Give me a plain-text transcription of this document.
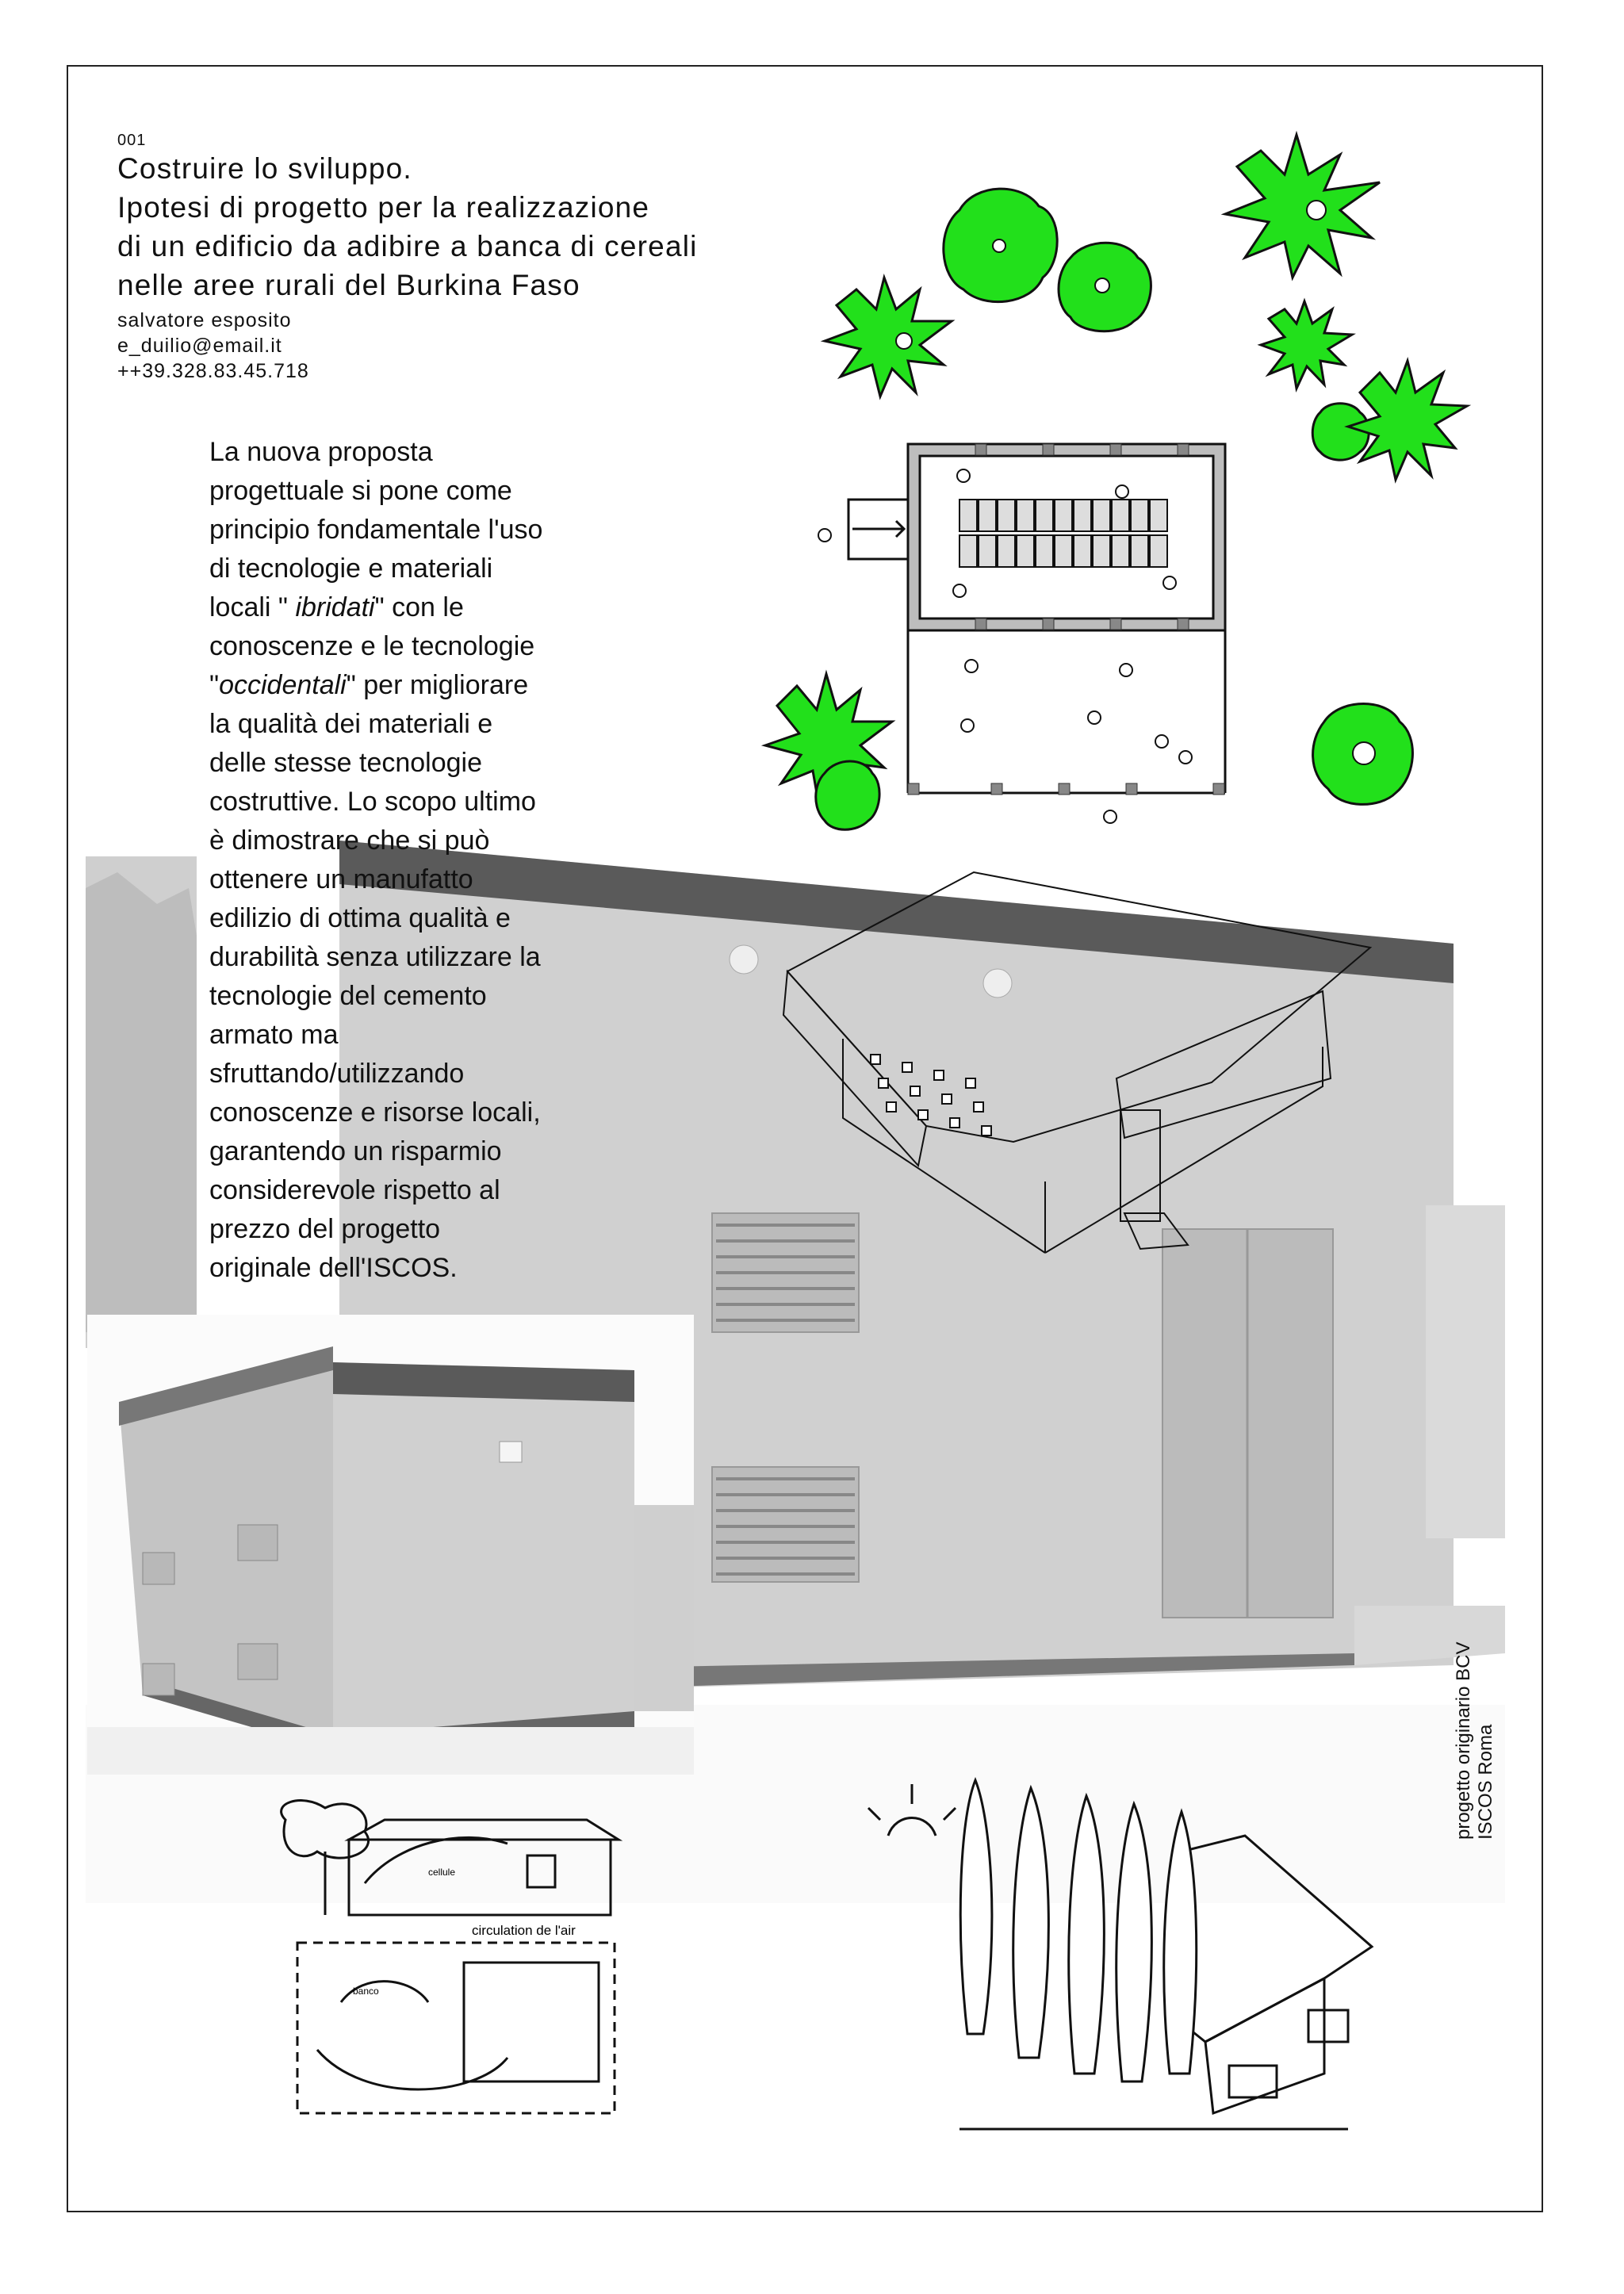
001
Costruire lo sviluppo.
Ipotesi di progetto per la realizzazione
di un edificio da adibire a banca di cereali
nelle aree rurali del Burkina Faso
salvatore esposito
e_duilio@email.it
++39.328.83.45.718
La nuova proposta
progettuale si pone come
principio fondamentale l'uso
di tecnologie e materiali
locali " ibridati" con le
conoscenze e le tecnologie
"occidentali" per migliorare
la qualità dei materiali e
delle stesse tecnologie
costruttive. Lo scopo ultimo
è dimostrare che si può
ottenere un manufatto
edilizio di ottima qualità e
durabilità senza utilizzare la
tecnologie del cemento
armato ma
sfruttando/utilizzando
conoscenze e risorse locali,
garantendo un risparmio
considerevole rispetto al
prezzo del progetto
originale dell'ISCOS.
circulation de l'air
cellule
banco
progetto originario BCV ISCOS Roma
